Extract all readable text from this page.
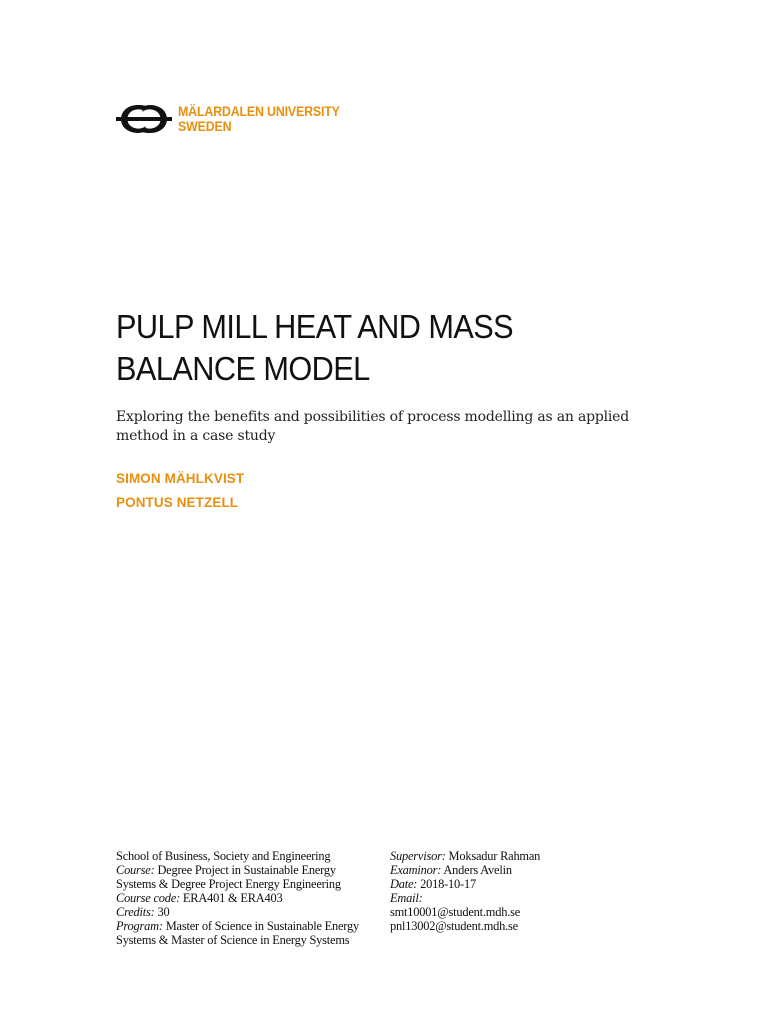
MÄLARDALEN UNIVERSITY
SWEDEN
PULP MILL HEAT AND MASS
BALANCE MODEL

Exploring the benefits and possibilities of process modelling as an applied method in a case study

SIMON MÄHLKVIST

PONTUS NETZELL

School of Business, Society and Engineering
Course: Degree Project in Sustainable Energy Systems & Degree Project Energy Engineering
Course code: ERA401 & ERA403
Credits: 30
Program: Master of Science in Sustainable Energy Systems & Master of Science in Energy Systems
Supervisor: Moksadur Rahman
Examinor: Anders Avelin
Date: 2018-10-17
Email:
smt10001@student.mdh.se
pnl13002@student.mdh.se
